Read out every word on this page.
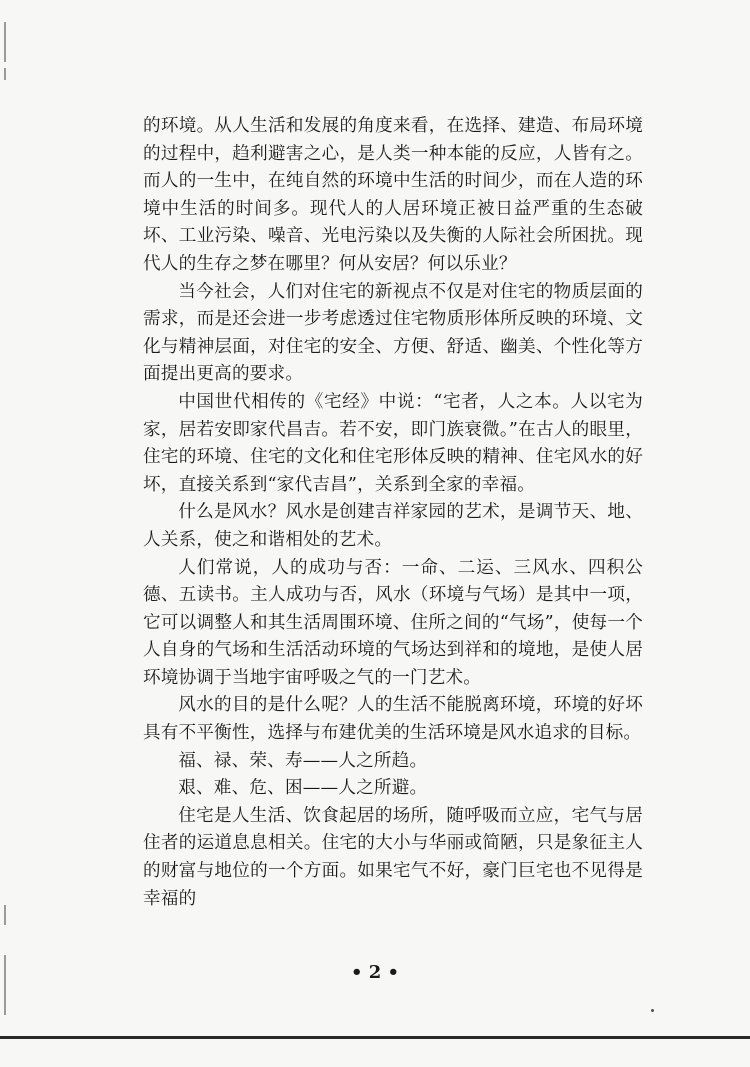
的环境。从人生活和发展的角度来看，在选择、建造、布局环境的过程中，趋利避害之心，是人类一种本能的反应，人皆有之。而人的一生中，在纯自然的环境中生活的时间少，而在人造的环境中生活的时间多。现代人的人居环境正被日益严重的生态破坏、工业污染、噪音、光电污染以及失衡的人际社会所困扰。现代人的生存之梦在哪里？何从安居？何以乐业？

当今社会，人们对住宅的新视点不仅是对住宅的物质层面的需求，而是还会进一步考虑透过住宅物质形体所反映的环境、文化与精神层面，对住宅的安全、方便、舒适、幽美、个性化等方面提出更高的要求。

中国世代相传的《宅经》中说：“宅者，人之本。人以宅为家，居若安即家代昌吉。若不安，即门族衰微。”在古人的眼里，住宅的环境、住宅的文化和住宅形体反映的精神、住宅风水的好坏，直接关系到“家代吉昌”，关系到全家的幸福。

什么是风水？风水是创建吉祥家园的艺术，是调节天、地、人关系，使之和谐相处的艺术。

人们常说，人的成功与否：一命、二运、三风水、四积公德、五读书。主人成功与否，风水（环境与气场）是其中一项，它可以调整人和其生活周围环境、住所之间的“气场”，使每一个人自身的气场和生活活动环境的气场达到祥和的境地，是使人居环境协调于当地宇宙呼吸之气的一门艺术。

风水的目的是什么呢？人的生活不能脱离环境，环境的好坏具有不平衡性，选择与布建优美的生活环境是风水追求的目标。

福、禄、荣、寿——人之所趋。

艰、难、危、困——人之所避。

住宅是人生活、饮食起居的场所，随呼吸而立应，宅气与居住者的运道息息相关。住宅的大小与华丽或简陋，只是象征主人的财富与地位的一个方面。如果宅气不好，豪门巨宅也不见得是幸福的

• 2 •
